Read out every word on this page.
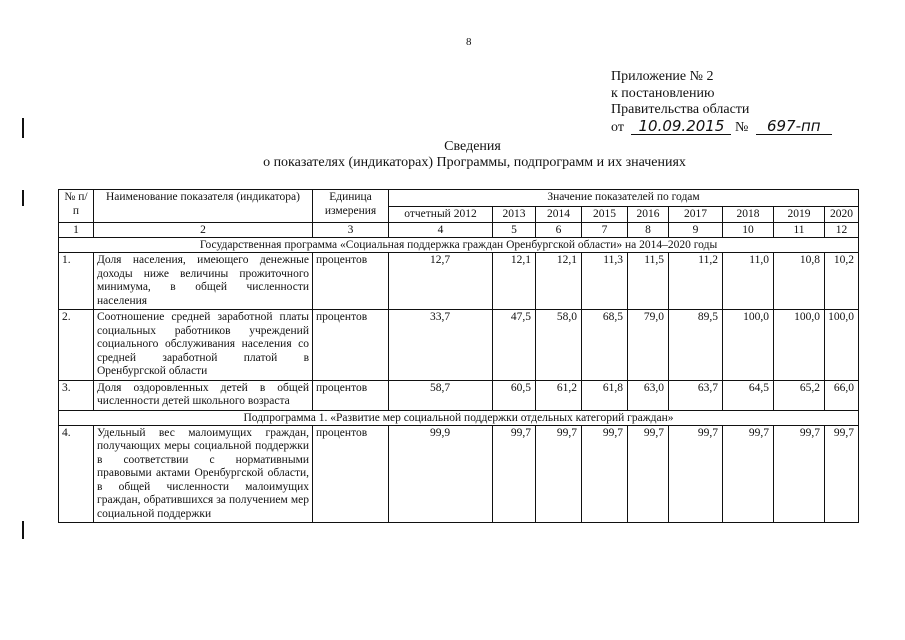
8
Приложение № 2
к постановлению
Правительства области
от 10.09.2015 № 697-пп
Сведения
о показателях (индикаторах) Программы, подпрограмм и их значениях
№ п/п	Наименование показателя (индикатора)	Единица измерения	Значение показателей по годам								
			отчетный 2012	2013	2014	2015	2016	2017	2018	2019	2020
1	2	3	4	5	6	7	8	9	10	11	12
Государственная программа «Социальная поддержка граждан Оренбургской области» на 2014–2020 годы											
1.	Доля населения, имеющего денежные доходы ниже величины прожиточного минимума, в общей численности населения	процентов	12,7	12,1	12,1	11,3	11,5	11,2	11,0	10,8	10,2
2.	Соотношение средней заработной платы социальных работников учреждений социального обслуживания населения со средней заработной платой в Оренбургской области	процентов	33,7	47,5	58,0	68,5	79,0	89,5	100,0	100,0	100,0
3.	Доля оздоровленных детей в общей численности детей школьного возраста	процентов	58,7	60,5	61,2	61,8	63,0	63,7	64,5	65,2	66,0
Подпрограмма 1. «Развитие мер социальной поддержки отдельных категорий граждан»											
4.	Удельный вес малоимущих граждан, получающих меры социальной поддержки в соответствии с нормативными правовыми актами Оренбургской области, в общей численности малоимущих граждан, обратившихся за получением мер социальной поддержки	процентов	99,9	99,7	99,7	99,7	99,7	99,7	99,7	99,7	99,7
